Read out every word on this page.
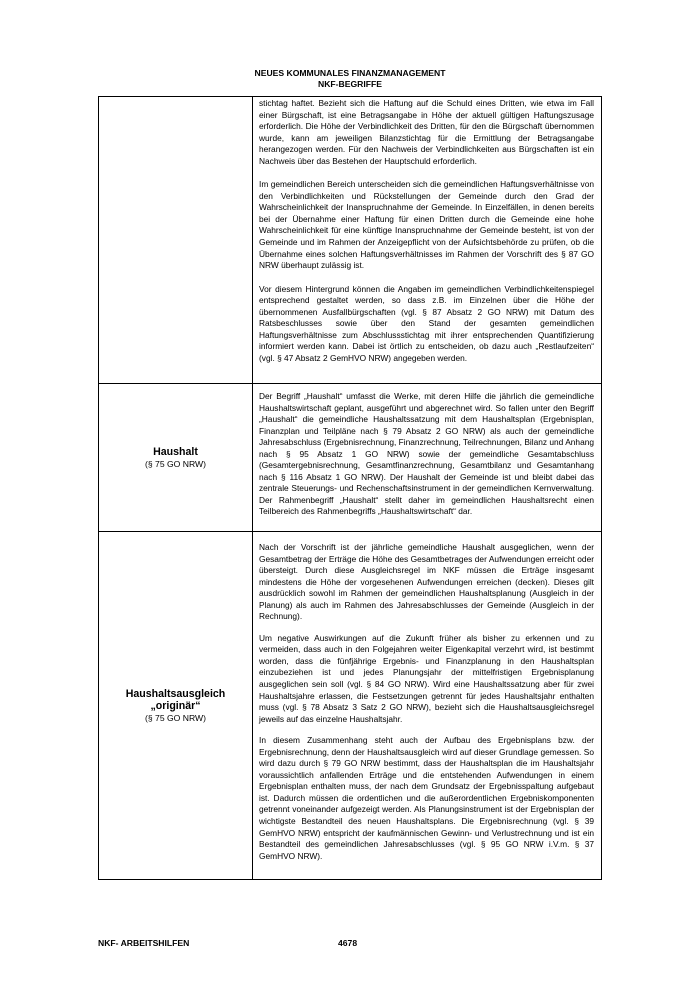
NEUES KOMMUNALES FINANZMANAGEMENT
NKF-BEGRIFFE

stichtag haftet. Bezieht sich die Haftung auf die Schuld eines Dritten, wie etwa im Fall einer Bürgschaft, ist eine Betragsangabe in Höhe der aktuell gültigen Haftungszusage erforderlich. Die Höhe der Verbindlichkeit des Dritten, für den die Bürgschaft übernommen wurde, kann am jeweiligen Bilanzstichtag für die Ermittlung der Betragsangabe herangezogen werden. Für den Nachweis der Verbindlichkeiten aus Bürgschaften ist ein Nachweis über das Bestehen der Hauptschuld erforderlich.

Im gemeindlichen Bereich unterscheiden sich die gemeindlichen Haftungsverhältnisse von den Verbindlichkeiten und Rückstellungen der Gemeinde durch den Grad der Wahrscheinlichkeit der Inanspruchnahme der Gemeinde. In Einzelfällen, in denen bereits bei der Übernahme einer Haftung für einen Dritten durch die Gemeinde eine hohe Wahrscheinlichkeit für eine künftige Inanspruchnahme der Gemeinde besteht, ist von der Gemeinde und im Rahmen der Anzeigepflicht von der Aufsichtsbehörde zu prüfen, ob die Übernahme eines solchen Haftungsverhältnisses im Rahmen der Vorschrift des § 87 GO NRW überhaupt zulässig ist.

Vor diesem Hintergrund können die Angaben im gemeindlichen Verbindlichkeitenspiegel entsprechend gestaltet werden, so dass z.B. im Einzelnen über die Höhe der übernommenen Ausfallbürgschaften (vgl. § 87 Absatz 2 GO NRW) mit Datum des Ratsbeschlusses sowie über den Stand der gesamten gemeindlichen Haftungsverhältnisse zum Abschlussstichtag mit ihrer entsprechenden Quantifizierung informiert werden kann. Dabei ist örtlich zu entscheiden, ob dazu auch „Restlaufzeiten“ (vgl. § 47 Absatz 2 GemHVO NRW) angegeben werden.

Haushalt
(§ 75 GO NRW)

Der Begriff „Haushalt“ umfasst die Werke, mit deren Hilfe die jährlich die gemeindliche Haushaltswirtschaft geplant, ausgeführt und abgerechnet wird. So fallen unter den Begriff „Haushalt“ die gemeindliche Haushaltssatzung mit dem Haushaltsplan (Ergebnisplan, Finanzplan und Teilpläne nach § 79 Absatz 2 GO NRW) als auch der gemeindliche Jahresabschluss (Ergebnisrechnung, Finanzrechnung, Teilrechnungen, Bilanz und Anhang nach § 95 Absatz 1 GO NRW) sowie der gemeindliche Gesamtabschluss (Gesamtergebnisrechnung, Gesamtfinanzrechnung, Gesamtbilanz und Gesamtanhang nach § 116 Absatz 1 GO NRW). Der Haushalt der Gemeinde ist und bleibt dabei das zentrale Steuerungs- und Rechenschaftsinstrument in der gemeindlichen Kernverwaltung. Der Rahmenbegriff „Haushalt“ stellt daher im gemeindlichen Haushaltsrecht einen Teilbereich des Rahmenbegriffs „Haushaltswirtschaft“ dar.

Haushaltsausgleich „originär“
(§ 75 GO NRW)

Nach der Vorschrift ist der jährliche gemeindliche Haushalt ausgeglichen, wenn der Gesamtbetrag der Erträge die Höhe des Gesamtbetrages der Aufwendungen erreicht oder übersteigt. Durch diese Ausgleichsregel im NKF müssen die Erträge insgesamt mindestens die Höhe der vorgesehenen Aufwendungen erreichen (decken). Dieses gilt ausdrücklich sowohl im Rahmen der gemeindlichen Haushaltsplanung (Ausgleich in der Planung) als auch im Rahmen des Jahresabschlusses der Gemeinde (Ausgleich in der Rechnung).

Um negative Auswirkungen auf die Zukunft früher als bisher zu erkennen und zu vermeiden, dass auch in den Folgejahren weiter Eigenkapital verzehrt wird, ist bestimmt worden, dass die fünfjährige Ergebnis- und Finanzplanung in den Haushaltsplan einzubeziehen ist und jedes Planungsjahr der mittelfristigen Ergebnisplanung ausgeglichen sein soll (vgl. § 84 GO NRW). Wird eine Haushaltssatzung aber für zwei Haushaltsjahre erlassen, die Festsetzungen getrennt für jedes Haushaltsjahr enthalten muss (vgl. § 78 Absatz 3 Satz 2 GO NRW), bezieht sich die Haushaltsausgleichsregel jeweils auf das einzelne Haushaltsjahr.

In diesem Zusammenhang steht auch der Aufbau des Ergebnisplans bzw. der Ergebnisrechnung, denn der Haushaltsausgleich wird auf dieser Grundlage gemessen. So wird dazu durch § 79 GO NRW bestimmt, dass der Haushaltsplan die im Haushaltsjahr voraussichtlich anfallenden Erträge und die entstehenden Aufwendungen in einem Ergebnisplan enthalten muss, der nach dem Grundsatz der Ergebnisspaltung aufgebaut ist. Dadurch müssen die ordentlichen und die außerordentlichen Ergebniskomponenten getrennt voneinander aufgezeigt werden. Als Planungsinstrument ist der Ergebnisplan der wichtigste Bestandteil des neuen Haushaltsplans. Die Ergebnisrechnung (vgl. § 39 GemHVO NRW) entspricht der kaufmännischen Gewinn- und Verlustrechnung und ist ein Bestandteil des gemeindlichen Jahresabschlusses (vgl. § 95 GO NRW i.V.m. § 37 GemHVO NRW).

NKF- ARBEITSHILFEN	4678
